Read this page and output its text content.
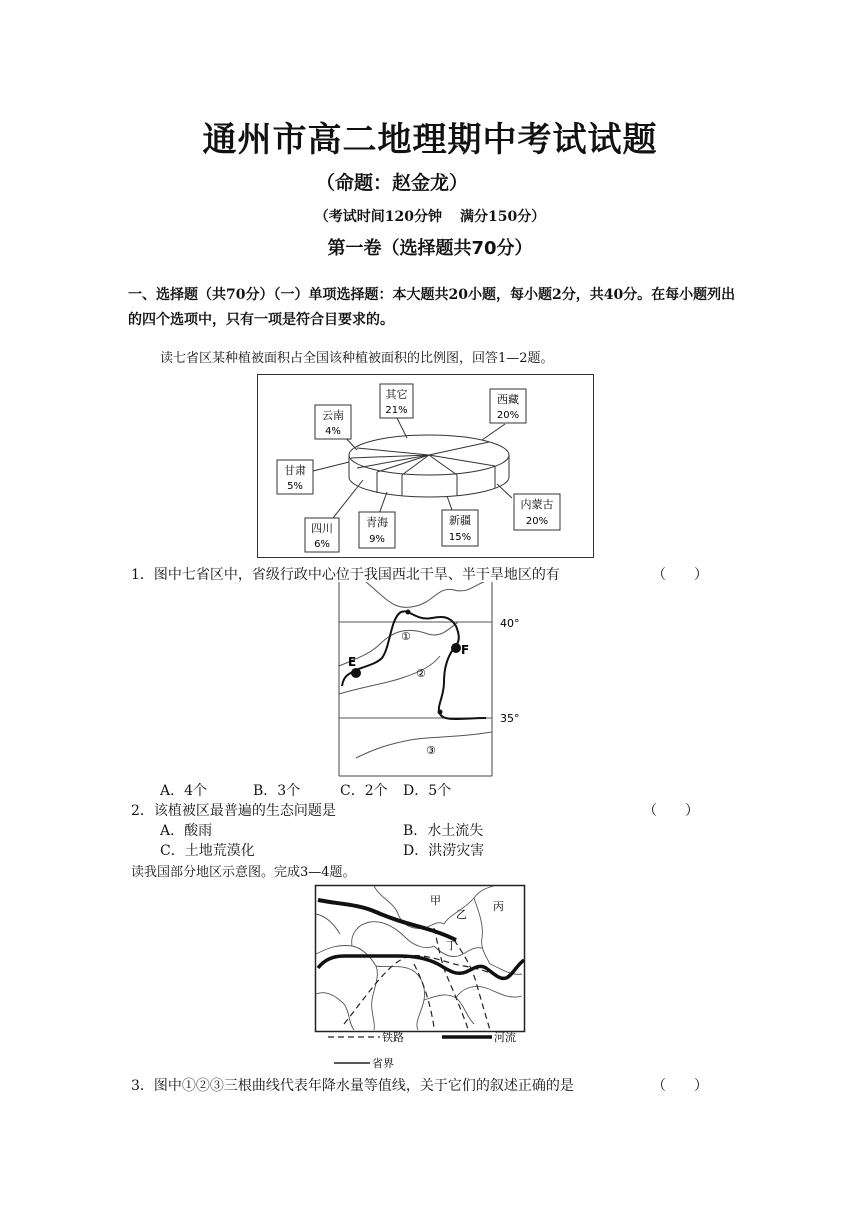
通州市高二地理期中考试试题
（命题：赵金龙）
（考试时间120分钟 满分150分）
第一卷（选择题共70分）
一、选择题（共70分）（一）单项选择题：本大题共20小题，每小题2分，共40分。在每小题列出的四个选项中，只有一项是符合目要求的。
读七省区某种植被面积占全国该种植被面积的比例图，回答1—2题。
其它
21%
西藏
20%
云南
4%
甘肃
5%
四川
6%
青海
9%
新疆
15%
内蒙古
20%
1．图中七省区中，省级行政中心位于我国西北干旱、半干旱地区的有	（　　）
40°
35°
E
F
①
②
③
A．4个	B．3个	C．2个 D．5个
2．该植被区最普遍的生态问题是	（　　）
A．酸雨	B．水土流失
C．土地荒漠化	D．洪涝灾害
读我国部分地区示意图。完成3—4题。
甲
乙
丙
丁
铁路	河流
省界
3．图中①②③三根曲线代表年降水量等值线，关于它们的叙述正确的是	（　　）
